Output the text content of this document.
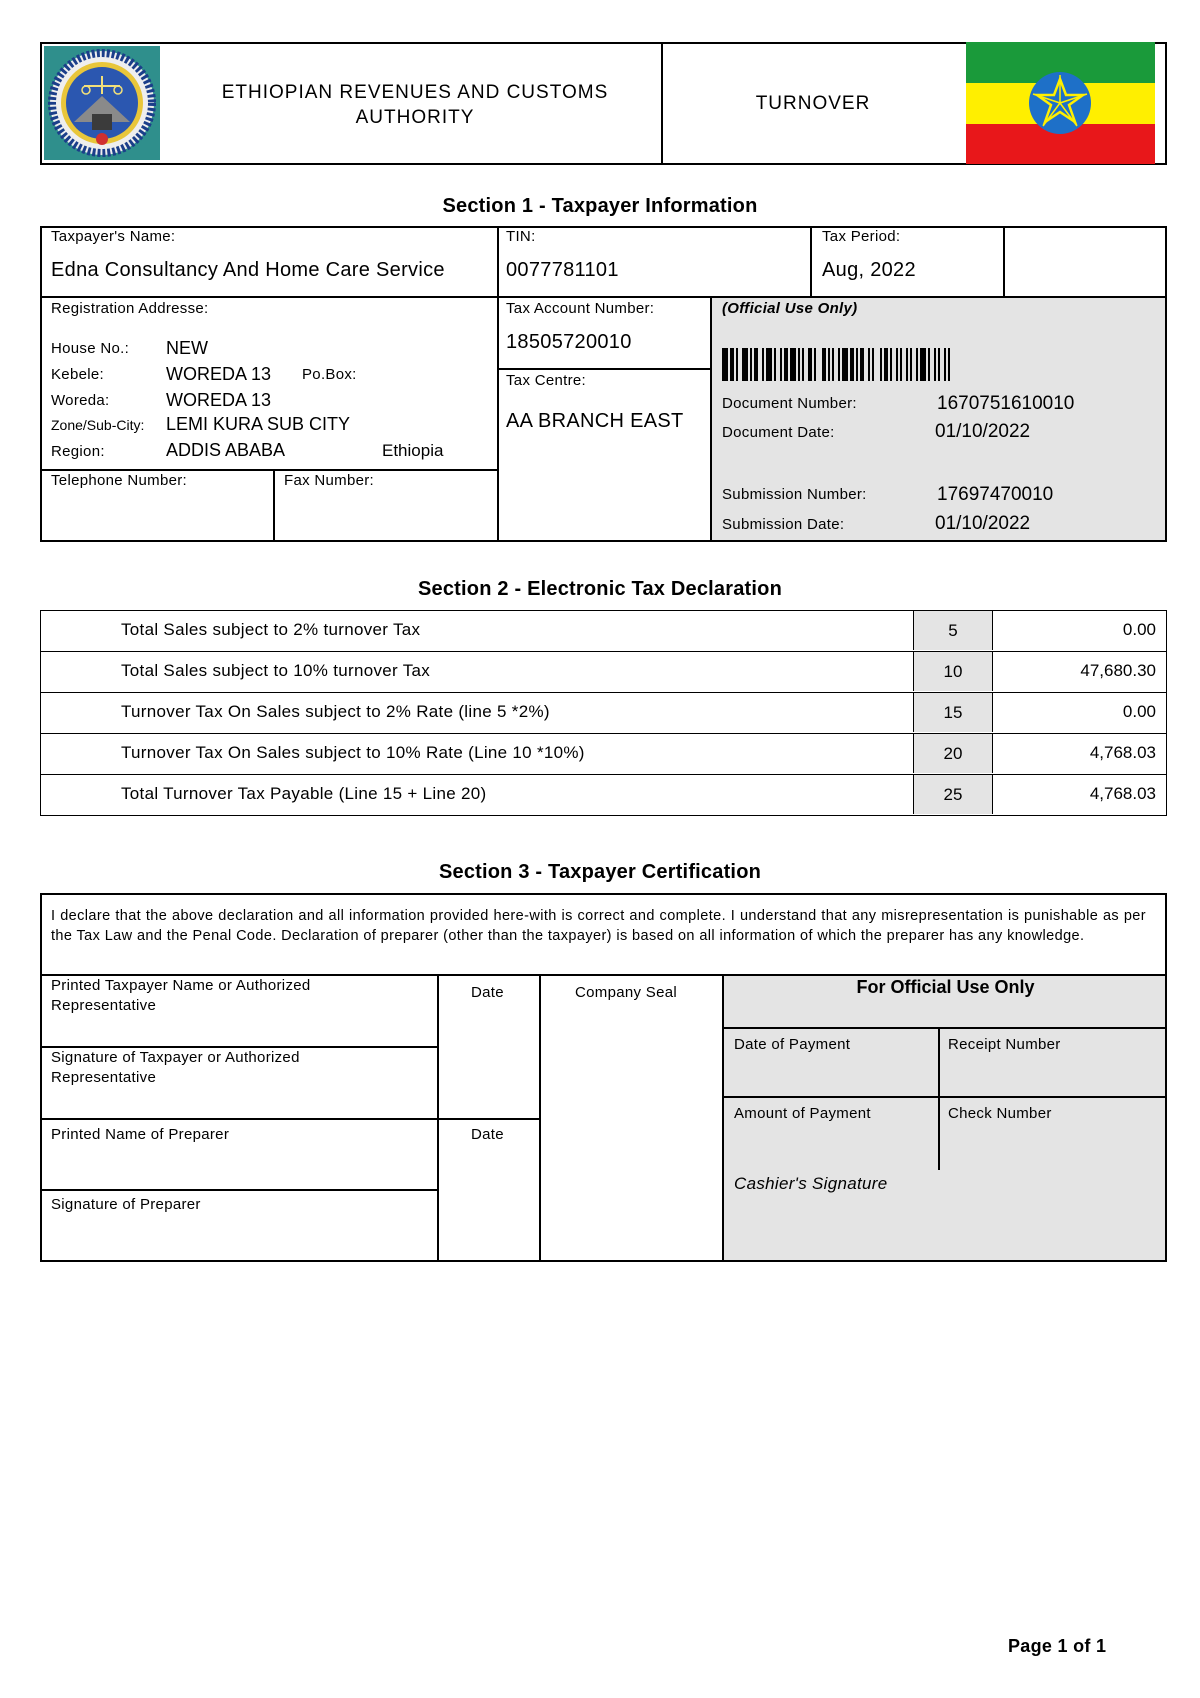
ETHIOPIAN REVENUES AND CUSTOMS AUTHORITY
TURNOVER
Section 1 - Taxpayer Information
Taxpayer's Name:
Edna Consultancy And Home Care Service
TIN:
0077781101
Tax Period:
Aug, 2022
Registration Addresse:
House No.: NEW
Kebele:	WOREDA 13 Po.Box:
Woreda:	WOREDA 13
Zone/Sub-City: LEMI KURA SUB CITY
Region:	ADDIS ABABA	Ethiopia
Telephone Number:	Fax Number:
Tax Account Number:
18505720010
Tax Centre:
AA BRANCH EAST
(Official Use Only)
Document Number:	1670751610010
Document Date:	01/10/2022
Submission Number:	17697470010
Submission Date:	01/10/2022
Section 2 - Electronic Tax Declaration
Total Sales subject to 2% turnover Tax	5	0.00
Total Sales subject to 10% turnover Tax	10	47,680.30
Turnover Tax On Sales subject to 2% Rate (line 5 *2%)	15	0.00
Turnover Tax On Sales subject to 10% Rate (Line 10 *10%)	20	4,768.03
Total Turnover Tax Payable (Line 15 + Line 20)	25	4,768.03
Section 3 - Taxpayer Certification
I declare that the above declaration and all information provided here-with is correct and complete. I understand that any misrepresentation is punishable as per the Tax Law and the Penal Code. Declaration of preparer (other than the taxpayer) is based on all information of which the preparer has any knowledge.
Printed Taxpayer Name or Authorized Representative
Signature of Taxpayer or Authorized Representative
Printed Name of Preparer
Signature of Preparer
Date
Date
Company Seal	For Official Use Only
Date of Payment	Receipt Number
Amount of Payment	Check Number
Cashier's Signature
Page 1 of 1
